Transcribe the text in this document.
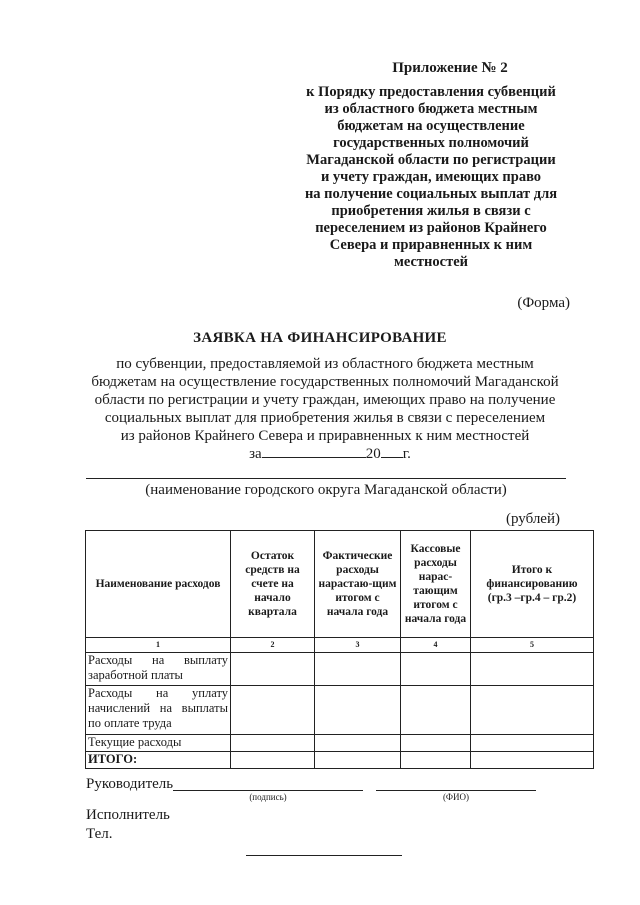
Приложение № 2
к Порядку предоставления субвенций
из областного бюджета местным
бюджетам на осуществление
государственных полномочий
Магаданской области по регистрации
и учету граждан, имеющих право
на получение социальных выплат для
приобретения жилья в связи с
переселением из районов Крайнего
Севера и приравненных к ним
местностей
(Форма)
ЗАЯВКА НА ФИНАНСИРОВАНИЕ
по субвенции, предоставляемой из областного бюджета местным
бюджетам на осуществление государственных полномочий Магаданской
области по регистрации и учету граждан, имеющих право на получение
социальных выплат для приобретения жилья в связи с переселением
из районов Крайнего Севера и приравненных к ним местностей
за	20 г.
(наименование городского округа Магаданской области)
(рублей)
Наименование расходов	Остаток средств на счете на начало квартала	Фактические расходы нарастаю-щим итогом с начала года	Кассовые расходы нарас-тающим итогом с начала года	Итого к финансированию (гр.3 –гр.4 – гр.2)
1	2	3	4	5

Расходы на выплату заработной платы				

Расходы на уплату начислений на выплаты по оплате труда				

Текущие расходы				
ИТОГО:				
Руководитель
(подпись)	(ФИО)
Исполнитель
Тел.
